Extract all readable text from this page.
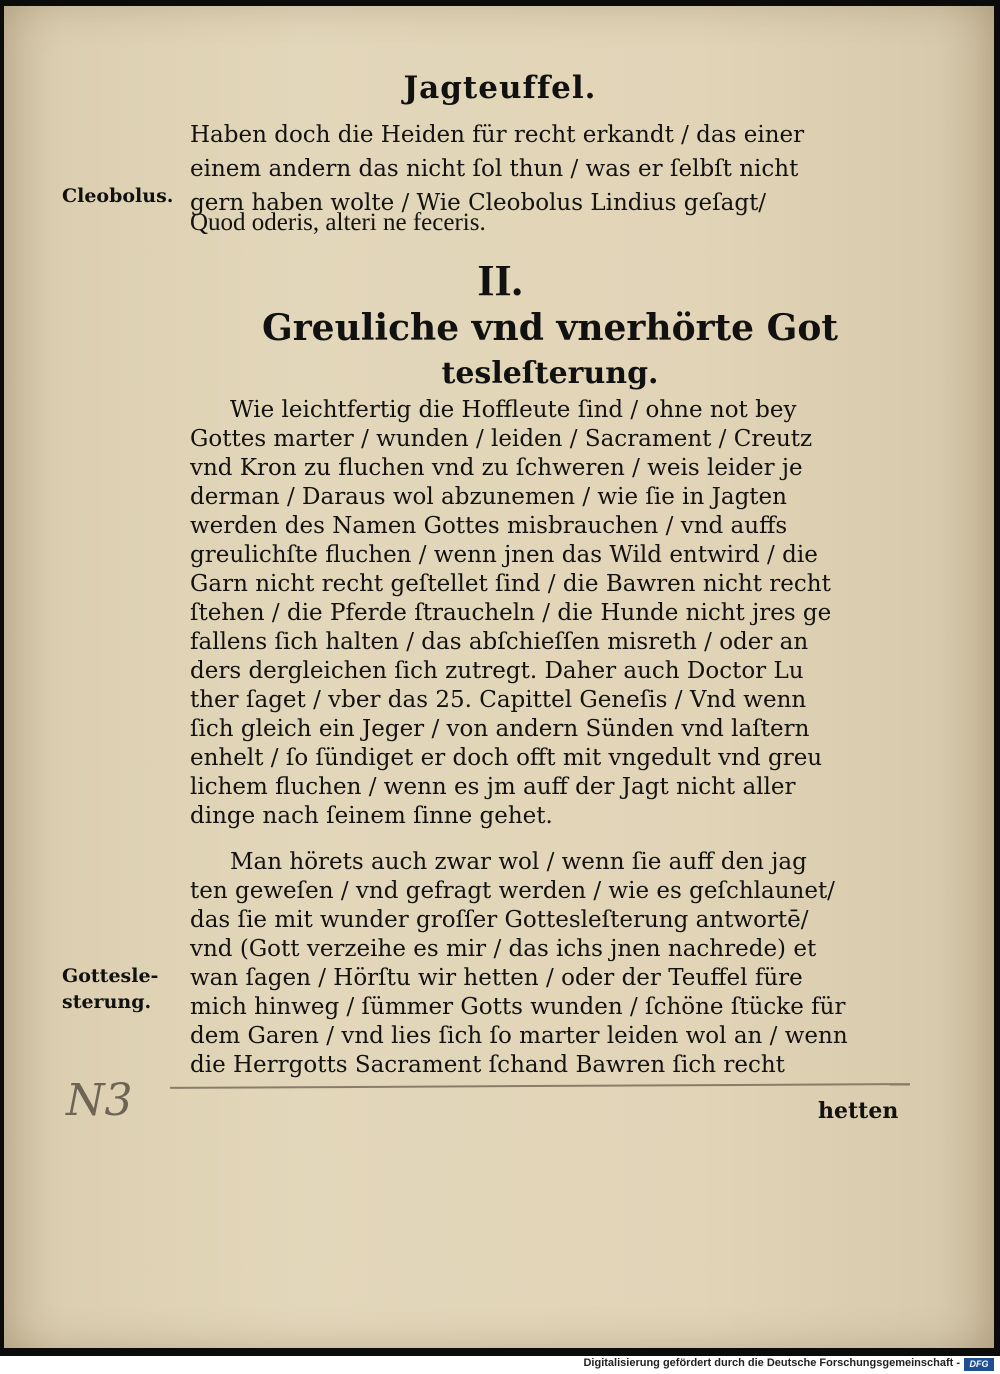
Jagteuffel.
Cleobolus.
Gottesle sterung.

Haben doch die Heiden für recht erkandt / das einer
einem andern das nicht ſol thun / was er ſelbſt nicht
gern haben wolte / Wie Cleobolus Lindius geſagt/

Quod oderis, alteri ne feceris.
II.
Greuliche vnd vnerhörte Got
tesleſterung.

Wie leichtfertig die Hoffleute ſind / ohne not bey
Gottes marter / wunden / leiden / Sacrament / Creutz
vnd Kron zu fluchen vnd zu ſchweren / weis leider je
derman / Daraus wol abzunemen / wie ſie in Jagten
werden des Namen Gottes misbrauchen / vnd auffs
greulichſte fluchen / wenn jnen das Wild entwird / die
Garn nicht recht geſtellet ſind / die Bawren nicht recht
ſtehen / die Pferde ſtraucheln / die Hunde nicht jres ge
fallens ſich halten / das abſchieſſen misreth / oder an
ders dergleichen ſich zutregt. Daher auch Doctor Lu
ther ſaget / vber das 25. Capittel Geneſis / Vnd wenn
ſich gleich ein Jeger / von andern Sünden vnd laſtern
enhelt / ſo ſündiget er doch offt mit vngedult vnd greu
lichem fluchen / wenn es jm auff der Jagt nicht aller
dinge nach ſeinem ſinne gehet.

Man hörets auch zwar wol / wenn ſie auff den jag
ten geweſen / vnd gefragt werden / wie es geſchlaunet/
das ſie mit wunder groſſer Gottesleſterung antwortē/
vnd (Gott verzeihe es mir / das ichs jnen nachrede) et
wan ſagen / Hörſtu wir hetten / oder der Teuffel füre
mich hinweg / ſümmer Gotts wunden / ſchöne ſtücke für
dem Garen / vnd lies ſich ſo marter leiden wol an / wenn
die Herrgotts Sacrament ſchand Bawren ſich recht

N3	hetten
Digitalisierung gefördert durch die Deutsche Forschungsgemeinschaft -	DFG
